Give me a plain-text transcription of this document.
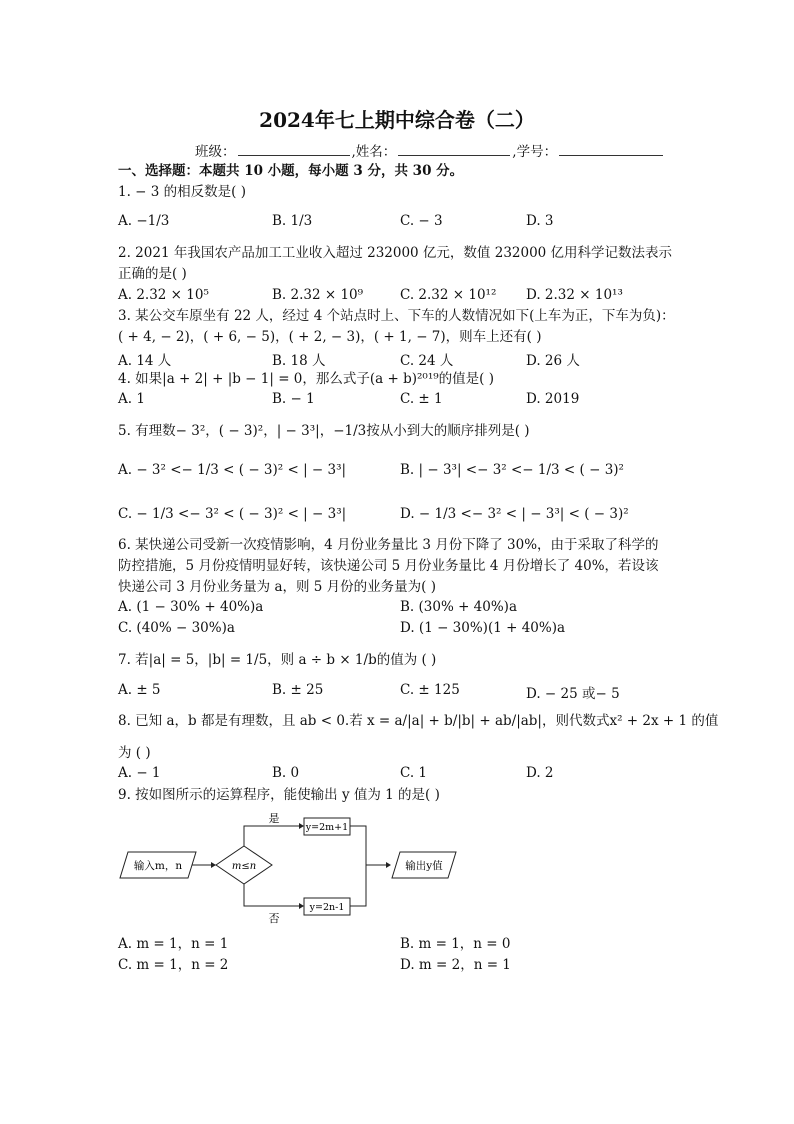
2024年七上期中综合卷（二）
班级：	,姓名：	,学号：
一、选择题：本题共 10 小题，每小题 3 分，共 30 分。
1. − 3 的相反数是( )
A. −1/3	B. 1/3	C. − 3	D. 3
2. 2021 年我国农产品加工工业收入超过 232000 亿元，数值 232000 亿用科学记数法表示
正确的是( )
A. 2.32 × 10⁵	B. 2.32 × 10⁹	C. 2.32 × 10¹² D. 2.32 × 10¹³
3. 某公交车原坐有 22 人，经过 4 个站点时上、下车的人数情况如下(上车为正，下车为负)：
( + 4, − 2)，( + 6, − 5)，( + 2, − 3)，( + 1, − 7)，则车上还有( )
A. 14 人	B. 18 人	C. 24 人	D. 26 人
4. 如果|a + 2| + |b − 1| = 0，那么式子(a + b)²⁰¹⁹的值是( )
A. 1	B. − 1	C. ± 1	D. 2019
5. 有理数− 3²，( − 3)²，| − 3³|，−1/3按从小到大的顺序排列是( )
A. − 3² <− 1/3 < ( − 3)² < | − 3³|	B. | − 3³| <− 3² <− 1/3 < ( − 3)²
C. − 1/3 <− 3² < ( − 3)² < | − 3³|	D. − 1/3 <− 3² < | − 3³| < ( − 3)²
6. 某快递公司受新一次疫情影响，4 月份业务量比 3 月份下降了 30%，由于采取了科学的
防控措施，5 月份疫情明显好转，该快递公司 5 月份业务量比 4 月份增长了 40%，若设该
快递公司 3 月份业务量为 a，则 5 月份的业务量为( )
A. (1 − 30% + 40%)a	B. (30% + 40%)a
C. (40% − 30%)a	D. (1 − 30%)(1 + 40%)a
7. 若|a| = 5，|b| = 1/5，则 a ÷ b × 1/b的值为 ( )
A. ± 5	B. ± 25	C. ± 125	D. − 25 或− 5
8. 已知 a，b 都是有理数，且 ab < 0.若 x = a/|a| + b/|b| + ab/|ab|，则代数式x² + 2x + 1 的值
为 ( )
A. − 1	B. 0	C. 1	D. 2
9. 按如图所示的运算程序，能使输出 y 值为 1 的是( )
输入m，n	m≤n
是
y=2m+1
否
y=2n-1
输出y值
A. m = 1，n = 1	B. m = 1，n = 0
C. m = 1，n = 2	D. m = 2，n = 1
